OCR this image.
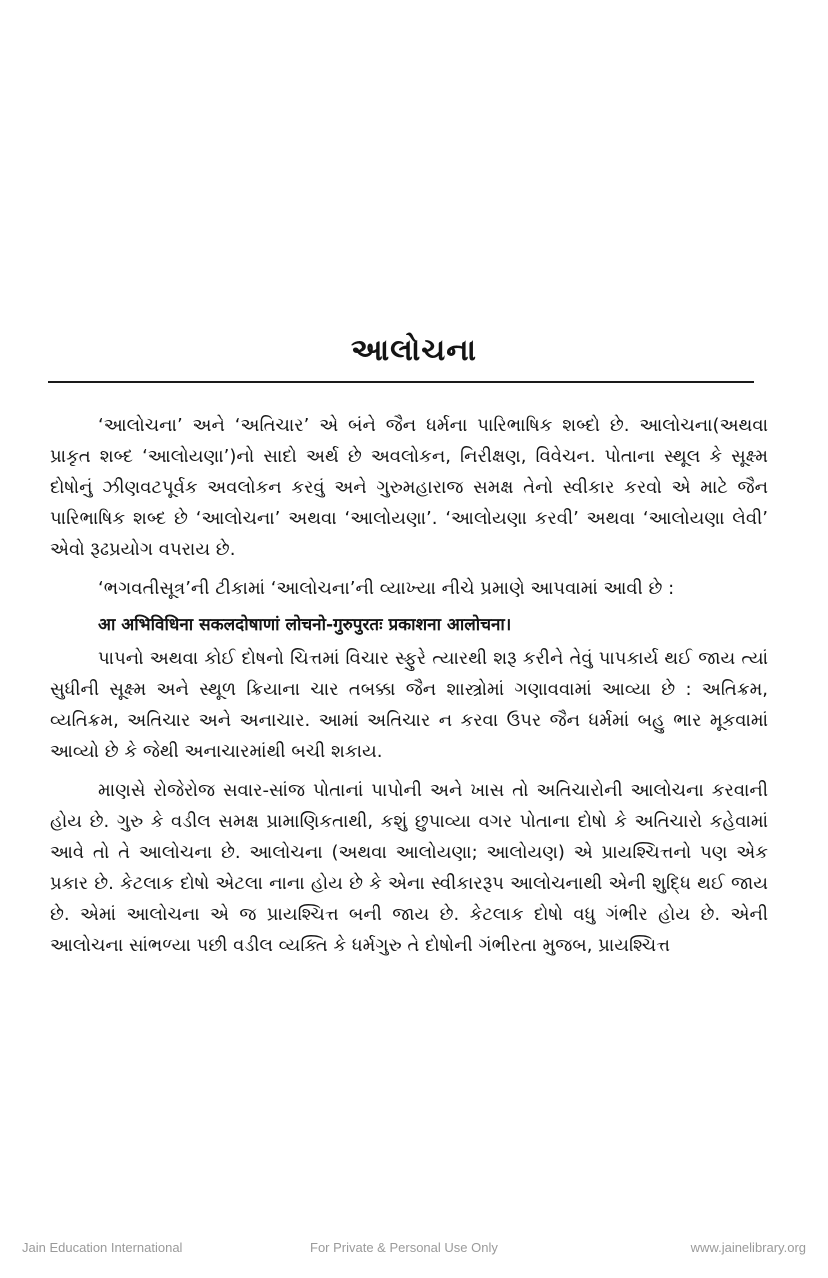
આલોચના

‘આલોચના’ અને ‘અતિચાર’ એ બંને જૈન ધર્મના પારિભાષિક શબ્દો છે. આલોચના(અથવા પ્રાકૃત શબ્દ ‘આલોયણા’)નો સાદો અર્થ છે અવલોકન, નિરીક્ષણ, વિવેચન. પોતાના સ્થૂલ કે સૂક્ષ્મ દોષોનું ઝીણવટપૂર્વક અવલોકન કરવું અને ગુરુમહારાજ સમક્ષ તેનો સ્વીકાર કરવો એ માટે જૈન પારિભાષિક શબ્દ છે ‘આલોચના’ અથવા ‘આલોયણા’. ‘આલોયણા કરવી’ અથવા ‘આલોયણા લેવી’ એવો રૂઢપ્રયોગ વપરાય છે.

‘ભગવતીસૂત્ર’ની ટીકામાં ‘આલોચના’ની વ્યાખ્યા નીચે પ્રમાણે આપવામાં આવી છે :

आ अभिविधिना सकलदोषाणां लोचनो-गुरुपुरतः प्रकाशना आलोचना।

પાપનો અથવા કોઈ દોષનો ચિત્તમાં વિચાર સ્ફુરે ત્યારથી શરૂ કરીને તેવું પાપકાર્ય થઈ જાય ત્યાં સુધીની સૂક્ષ્મ અને સ્થૂળ ક્રિયાના ચાર તબક્કા જૈન શાસ્ત્રોમાં ગણાવવામાં આવ્યા છે : અતિક્રમ, વ્યતિક્રમ, અતિચાર અને અનાચાર. આમાં અતિચાર ન કરવા ઉપર જૈન ધર્મમાં બહુ ભાર મૂકવામાં આવ્યો છે કે જેથી અનાચારમાંથી બચી શકાય.

માણસે રોજેરોજ સવાર-સાંજ પોતાનાં પાપોની અને ખાસ તો અતિચારોની આલોચના કરવાની હોય છે. ગુરુ કે વડીલ સમક્ષ પ્રામાણિકતાથી, કશું છુપાવ્યા વગર પોતાના દોષો કે અતિચારો કહેવામાં આવે તો તે આલોચના છે. આલોચના (અથવા આલોયણા; આલોયણ) એ પ્રાયશ્ચિત્તનો પણ એક પ્રકાર છે. કેટલાક દોષો એટલા નાના હોય છે કે એના સ્વીકારરૂપ આલોચનાથી એની શુદ્ધિ થઈ જાય છે. એમાં આલોચના એ જ પ્રાયશ્ચિત્ત બની જાય છે. કેટલાક દોષો વધુ ગંભીર હોય છે. એની આલોચના સાંભળ્યા પછી વડીલ વ્યક્તિ કે ધર્મગુરુ તે દોષોની ગંભીરતા મુજબ, પ્રાયશ્ચિત્ત

Jain Education International	For Private & Personal Use Only	www.jainelibrary.org
